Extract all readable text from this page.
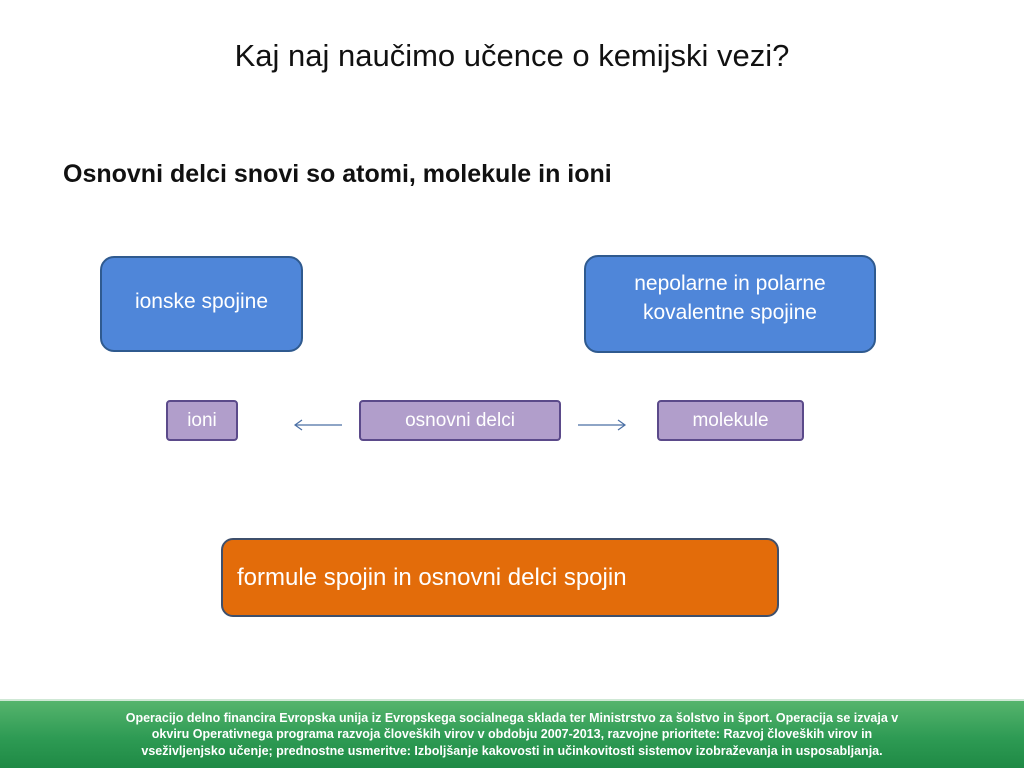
Kaj naj naučimo učence o kemijski vezi?
Osnovni delci snovi so atomi, molekule in ioni
ionske spojine
nepolarne in polarne
kovalentne spojine
ioni	osnovni delci	molekule
formule spojin in osnovni delci spojin
Operacijo delno financira Evropska unija iz Evropskega socialnega sklada ter Ministrstvo za šolstvo in šport. Operacija se izvaja v
okviru Operativnega programa razvoja človeških virov v obdobju 2007-2013, razvojne prioritete: Razvoj človeških virov in
vseživljenjsko učenje; prednostne usmeritve: Izboljšanje kakovosti in učinkovitosti sistemov izobraževanja in usposabljanja.
